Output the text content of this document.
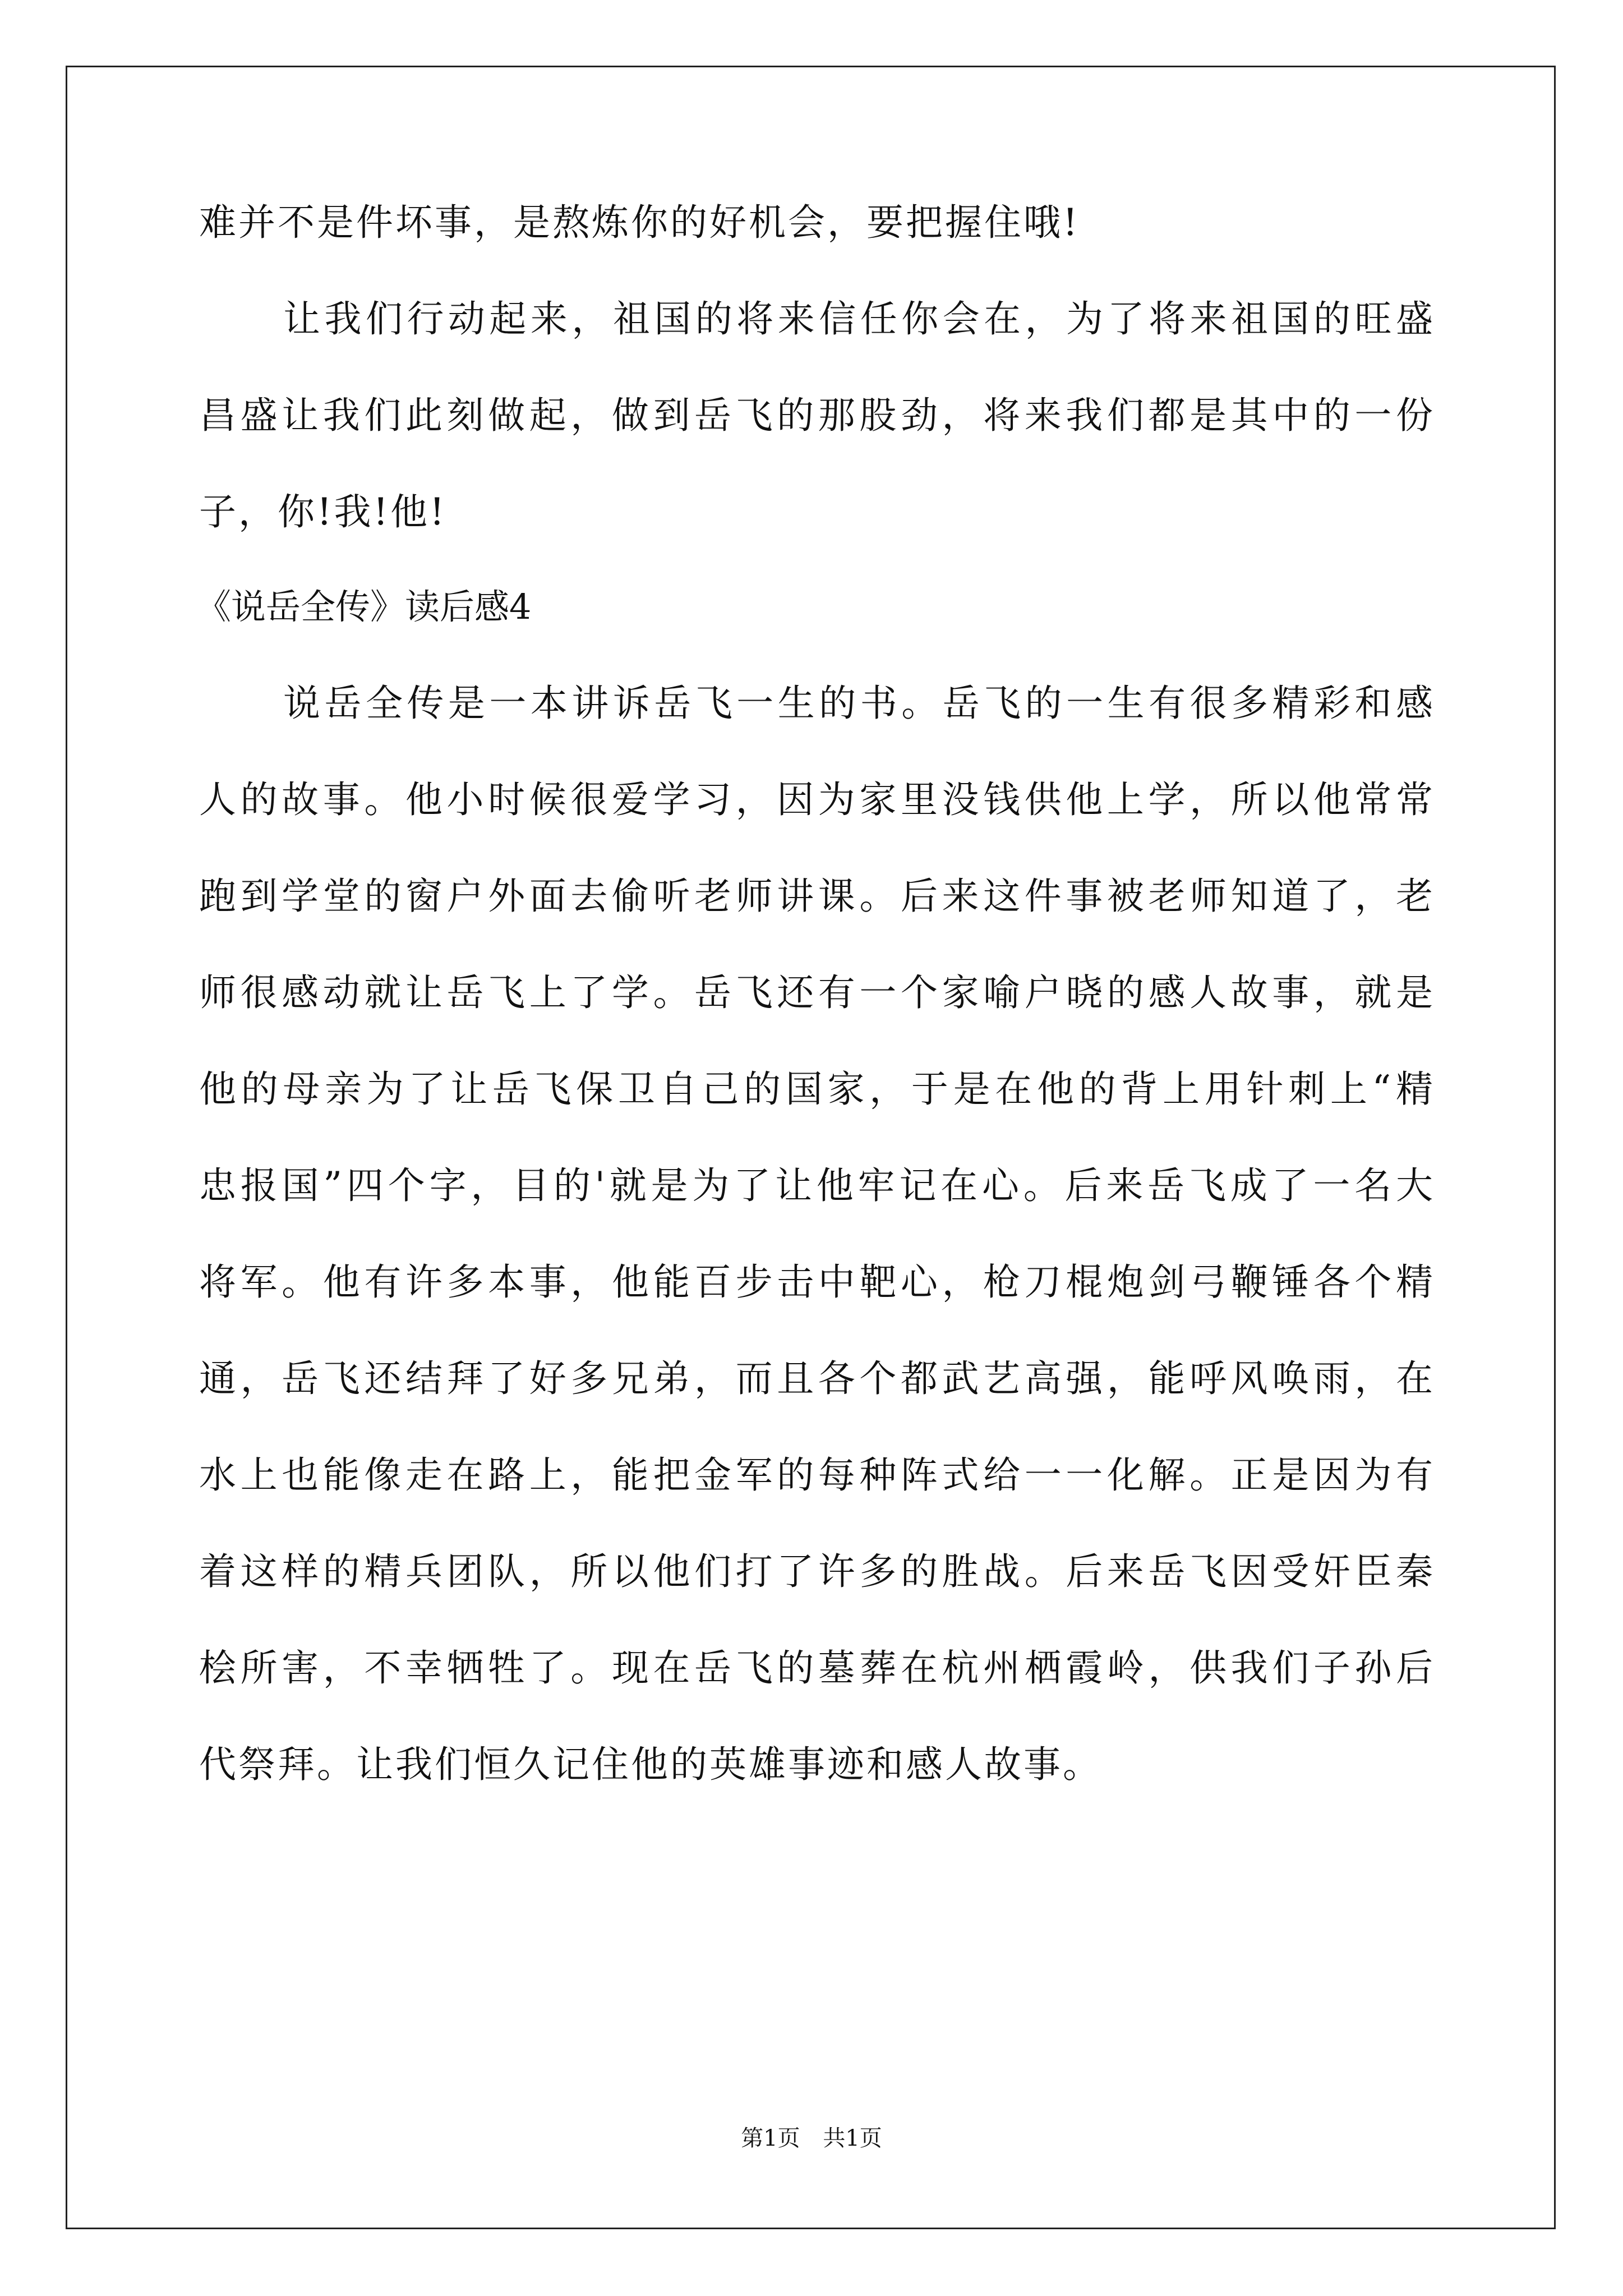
难并不是件坏事，是熬炼你的好机会，要把握住哦!
让我们行动起来，祖国的将来信任你会在，为了将来祖国的旺盛
昌盛让我们此刻做起，做到岳飞的那股劲，将来我们都是其中的一份
子，你!我!他!
《说岳全传》读后感4
说岳全传是一本讲诉岳飞一生的书。岳飞的一生有很多精彩和感
人的故事。他小时候很爱学习，因为家里没钱供他上学，所以他常常
跑到学堂的窗户外面去偷听老师讲课。后来这件事被老师知道了，老
师很感动就让岳飞上了学。岳飞还有一个家喻户晓的感人故事，就是
他的母亲为了让岳飞保卫自己的国家，于是在他的背上用针刺上“精
忠报国”四个字，目的'就是为了让他牢记在心。后来岳飞成了一名大
将军。他有许多本事，他能百步击中靶心，枪刀棍炮剑弓鞭锤各个精
通，岳飞还结拜了好多兄弟，而且各个都武艺高强，能呼风唤雨，在
水上也能像走在路上，能把金军的每种阵式给一一化解。正是因为有
着这样的精兵团队，所以他们打了许多的胜战。后来岳飞因受奸臣秦
桧所害，不幸牺牲了。现在岳飞的墓葬在杭州栖霞岭，供我们子孙后
代祭拜。让我们恒久记住他的英雄事迹和感人故事。
第1页 共1页
